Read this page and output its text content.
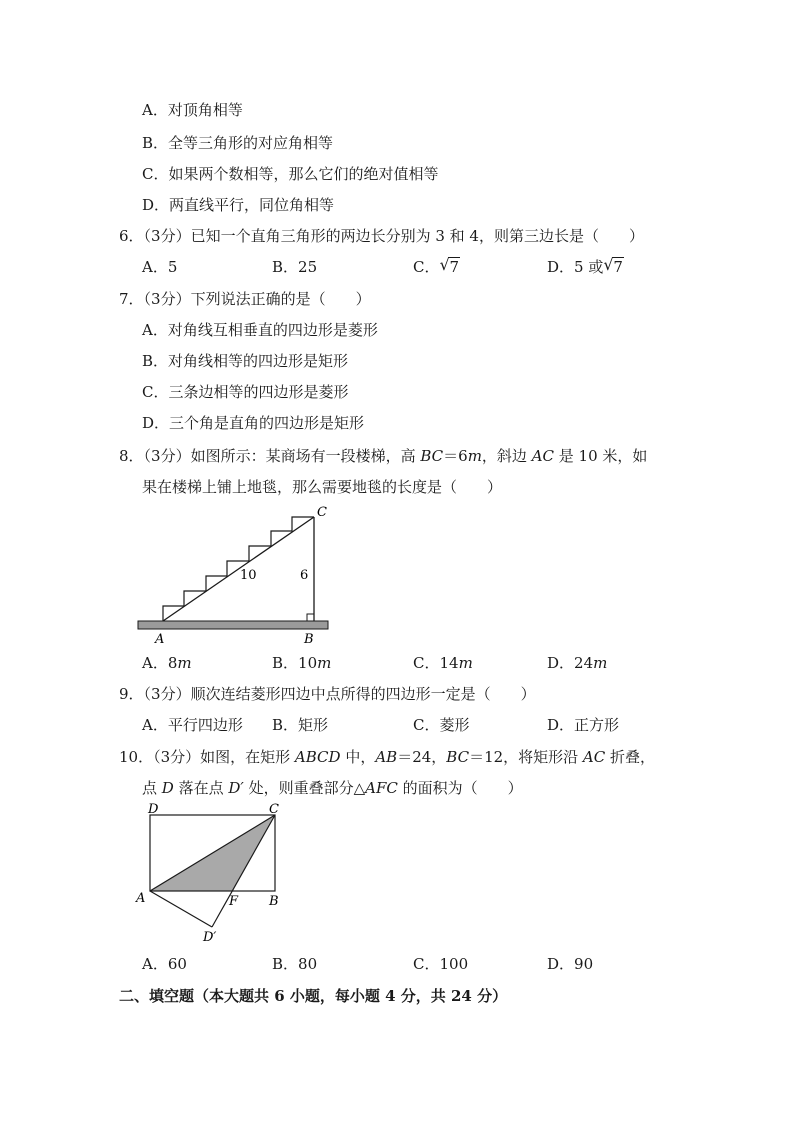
A．对顶角相等
B．全等三角形的对应角相等
C．如果两个数相等，那么它们的绝对值相等
D．两直线平行，同位角相等
6．（3分）已知一个直角三角形的两边长分别为 3 和 4，则第三边长是（　　）
A．5	B．25	C． √ 7	D．5 或 √ 7
7．（3分）下列说法正确的是（　　）
A．对角线互相垂直的四边形是菱形
B．对角线相等的四边形是矩形
C．三条边相等的四边形是菱形
D．三个角是直角的四边形是矩形
8．（3分）如图所示：某商场有一段楼梯，高 BC＝6m，斜边 AC 是 10 米，如
果在楼梯上铺上地毯，那么需要地毯的长度是（　　）
C
A	B
10	6
A．8m	B．10m	C．14m	D．24m
9．（3分）顺次连结菱形四边中点所得的四边形一定是（　　）
A．平行四边形 B．矩形	C．菱形	D．正方形
10．（3分）如图，在矩形 ABCD 中，AB＝24，BC＝12，将矩形沿 AC 折叠，
点 D 落在点 D′ 处，则重叠部分△AFC 的面积为（　　）
D	C
A	F B
D′
A．60	B．80	C．100	D．90
二、填空题（本大题共 6 小题，每小题 4 分，共 24 分）
